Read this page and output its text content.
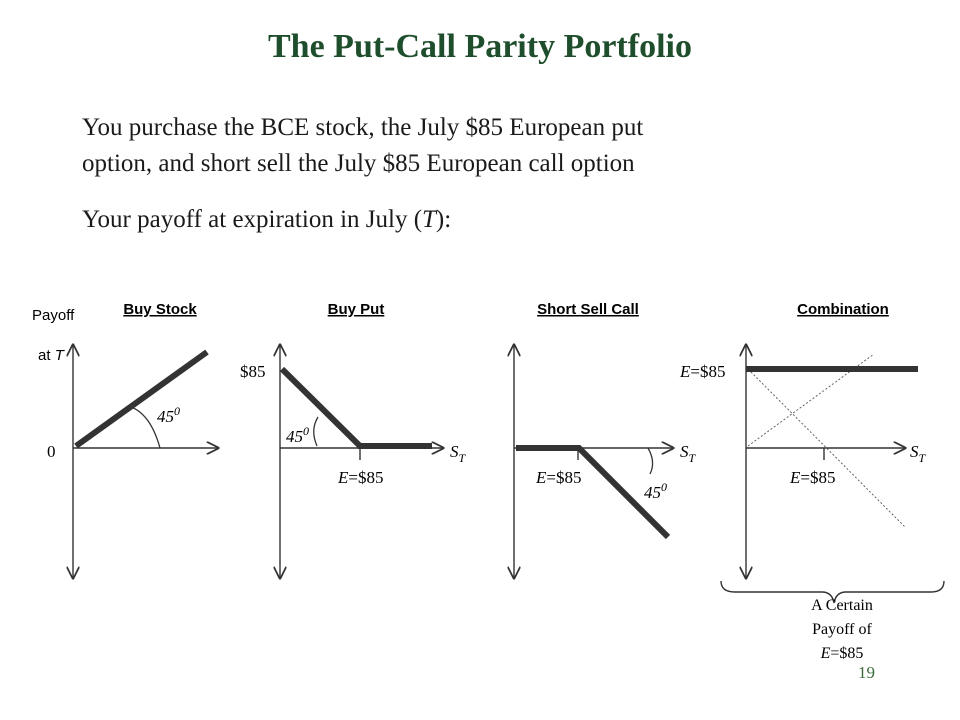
The Put-Call Parity Portfolio
You purchase the BCE stock, the July $85 European put
option, and short sell the July $85 European call option
Your payoff at expiration in July (T):
Buy Stock
Payoff
at T
0
$45^0$
Buy Put
$85
$45^0$
$S_T$
E=$85
Short Sell Call
$45^0$
$S_T$
E=$85
Combination
E=$85
$S_T$
E=$85
A Certain
Payoff of
E=$85
19
